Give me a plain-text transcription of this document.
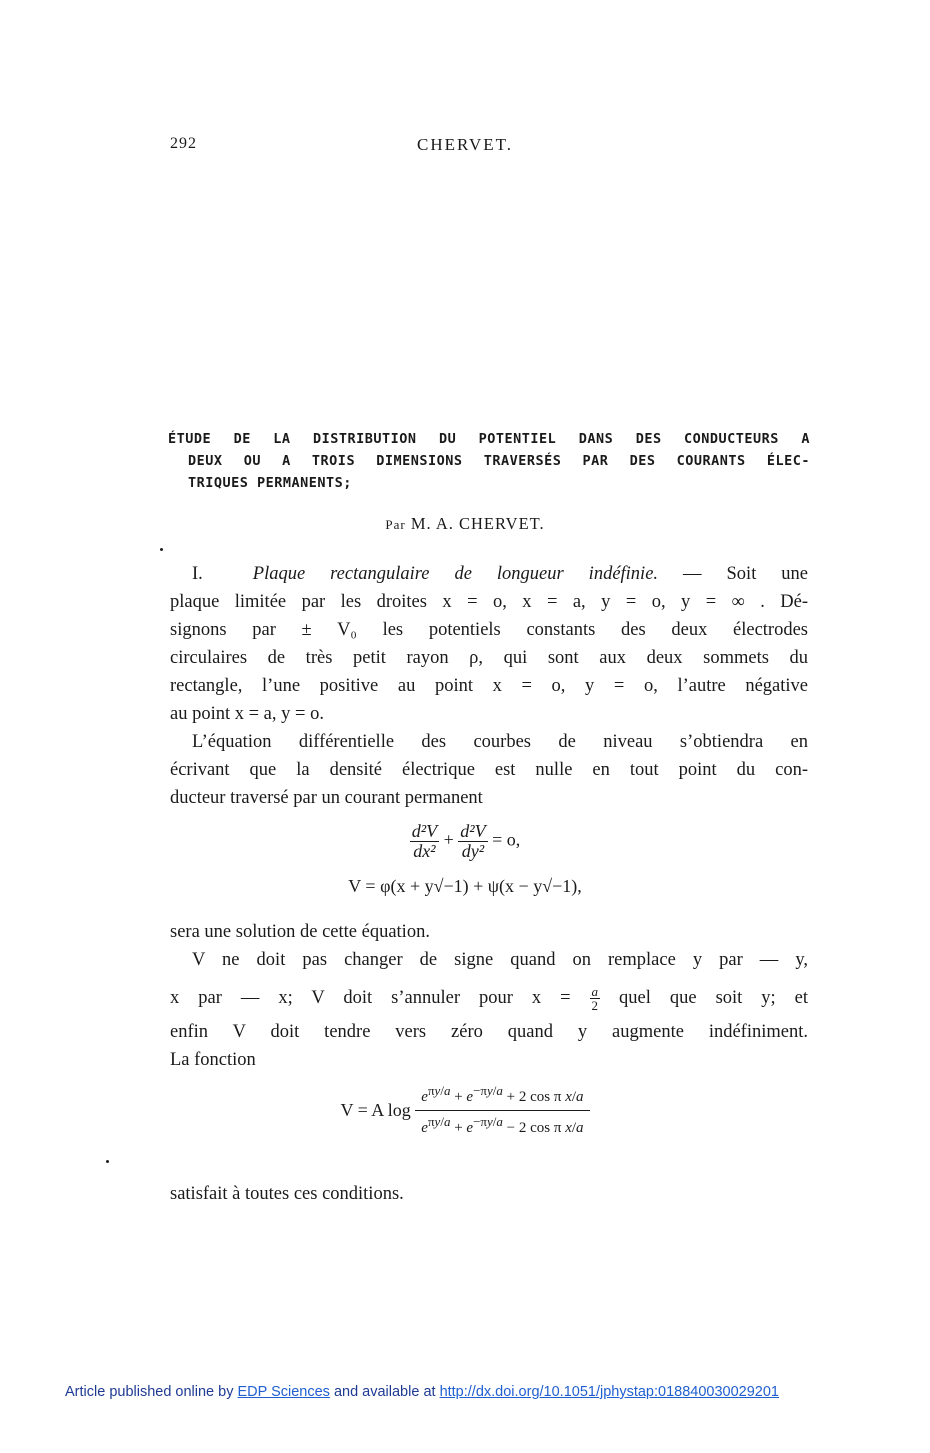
292	CHERVET.
ÉTUDE DE LA DISTRIBUTION DU POTENTIEL DANS DES CONDUCTEURS A
DEUX OU A TROIS DIMENSIONS TRAVERSÉS PAR DES COURANTS ÉLEC-
TRIQUES PERMANENTS;
Par M. A. CHERVET.
I.	Plaque rectangulaire de longueur indéfinie. — Soit une
plaque limitée par les droites x = o, x = a, y = o, y = ∞ . Dé-
signons par ± V₀ les potentiels constants des deux électrodes
circulaires de très petit rayon ρ, qui sont aux deux sommets du
rectangle, l’une positive au point x = o, y = o, l’autre négative
au point x = a, y = o.
L’équation différentielle des courbes de niveau s’obtiendra en
écrivant que la densité électrique est nulle en tout point du con-
ducteur traversé par un courant permanent
$\frac{\text{d²V}}{\text{dx²}} + \frac{\text{d²V}}{\text{dy²}} = o$,
V = φ(x + y√−1) + ψ(x − y√−1),
sera une solution de cette équation.
V ne doit pas changer de signe quand on remplace y par — y,
x par — x; V doit s’annuler pour $x = \frac{a}{2}$ quel que soit y; et
enfin V doit tendre vers zéro quand y augmente indéfiniment.
La fonction
V = A $\log \frac{e^{\pi y/a} + e^{-\pi y/a} + 2 \cos \pi x/a}{e^{\pi y/a} + e^{-\pi y/a} - 2 \cos \pi x/a}$
satisfait à toutes ces conditions.
Article published online by EDP Sciences and available at http://dx.doi.org/10.1051/jphystap:018840030029201
